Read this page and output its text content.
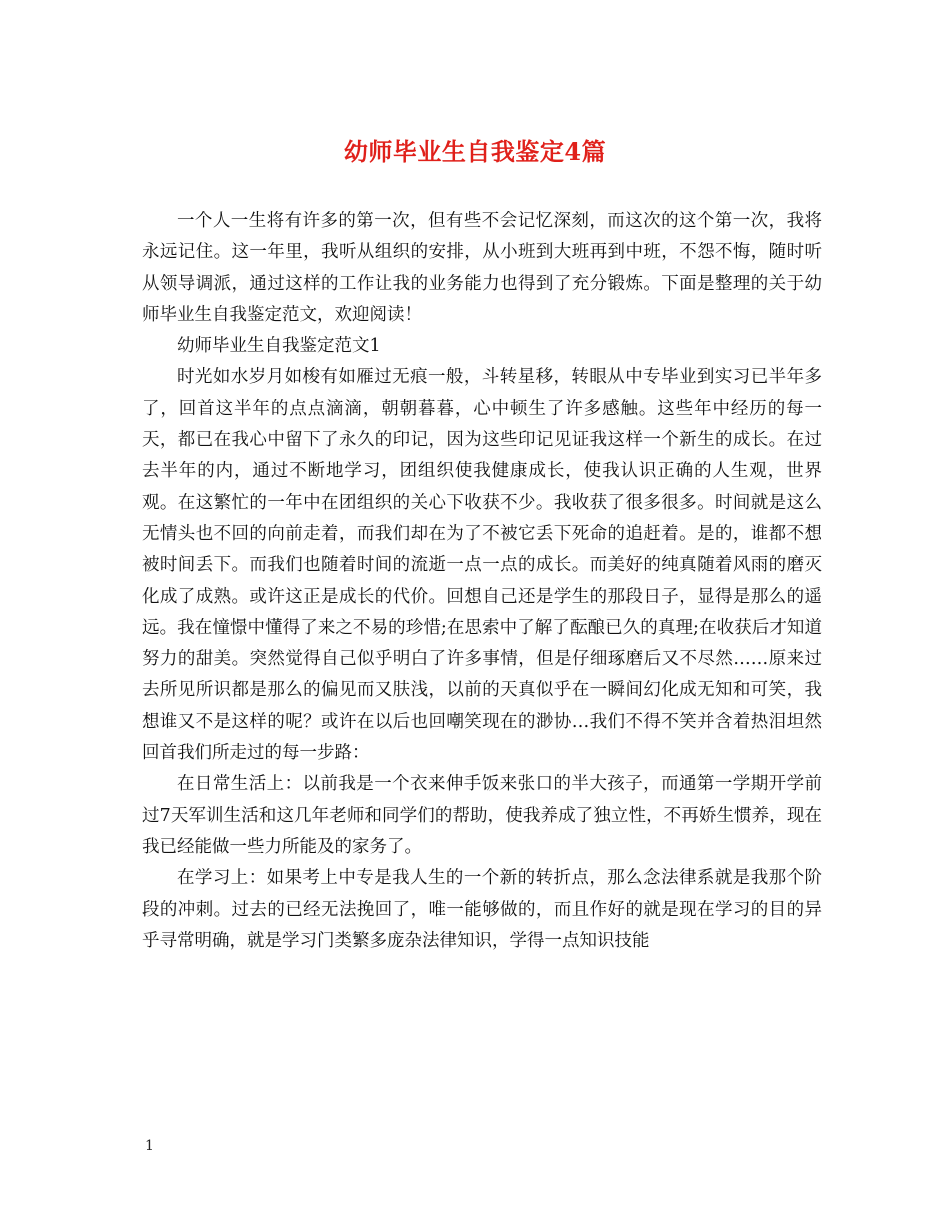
幼师毕业生自我鉴定4篇

一个人一生将有许多的第一次，但有些不会记忆深刻，而这次的这个第一次，我将永远记住。这一年里，我听从组织的安排，从小班到大班再到中班，不怨不悔，随时听从领导调派，通过这样的工作让我的业务能力也得到了充分锻炼。下面是整理的关于幼师毕业生自我鉴定范文，欢迎阅读！

幼师毕业生自我鉴定范文1

时光如水岁月如梭有如雁过无痕一般，斗转星移，转眼从中专毕业到实习已半年多了，回首这半年的点点滴滴，朝朝暮暮，心中顿生了许多感触。这些年中经历的每一天，都已在我心中留下了永久的印记，因为这些印记见证我这样一个新生的成长。在过去半年的内，通过不断地学习，团组织使我健康成长，使我认识正确的人生观，世界观。在这繁忙的一年中在团组织的关心下收获不少。我收获了很多很多。时间就是这么无情头也不回的向前走着，而我们却在为了不被它丢下死命的追赶着。是的，谁都不想被时间丢下。而我们也随着时间的流逝一点一点的成长。而美好的纯真随着风雨的磨灭化成了成熟。或许这正是成长的代价。回想自己还是学生的那段日子，显得是那么的遥远。我在憧憬中懂得了来之不易的珍惜;在思索中了解了酝酿已久的真理;在收获后才知道努力的甜美。突然觉得自己似乎明白了许多事情，但是仔细琢磨后又不尽然……原来过去所见所识都是那么的偏见而又肤浅，以前的天真似乎在一瞬间幻化成无知和可笑，我想谁又不是这样的呢？或许在以后也回嘲笑现在的渺协…我们不得不笑并含着热泪坦然回首我们所走过的每一步路：

在日常生活上：以前我是一个衣来伸手饭来张口的半大孩子，而通第一学期开学前过7天军训生活和这几年老师和同学们的帮助，使我养成了独立性，不再娇生惯养，现在我已经能做一些力所能及的家务了。

在学习上：如果考上中专是我人生的一个新的转折点，那么念法律系就是我那个阶段的冲刺。过去的已经无法挽回了，唯一能够做的，而且作好的就是现在学习的目的异乎寻常明确，就是学习门类繁多庞杂法律知识，学得一点知识技能

1
